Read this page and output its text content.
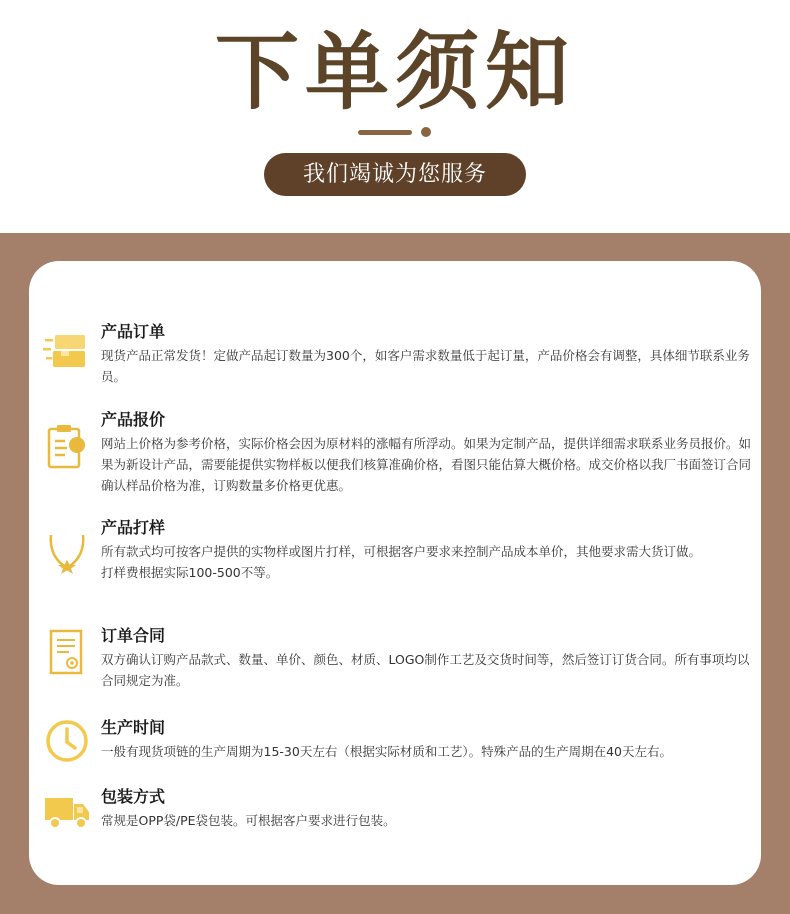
下单须知
我们竭诚为您服务
产品订单

现货产品正常发货！定做产品起订数量为300个，如客户需求数量低于起订量，产品价格会有调整，具体细节联系业务员。

产品报价

网站上价格为参考价格，实际价格会因为原材料的涨幅有所浮动。如果为定制产品，提供详细需求联系业务员报价。如果为新设计产品，需要能提供实物样板以便我们核算准确价格，看图只能估算大概价格。成交价格以我厂书面签订合同确认样品价格为准，订购数量多价格更优惠。

产品打样

所有款式均可按客户提供的实物样或图片打样，可根据客户要求来控制产品成本单价，其他要求需大货订做。

打样费根据实际100-500不等。

订单合同

双方确认订购产品款式、数量、单价、颜色、材质、LOGO制作工艺及交货时间等，然后签订订货合同。所有事项均以合同规定为准。

生产时间

一般有现货项链的生产周期为15-30天左右（根据实际材质和工艺）。特殊产品的生产周期在40天左右。

包装方式

常规是OPP袋/PE袋包装。可根据客户要求进行包装。
